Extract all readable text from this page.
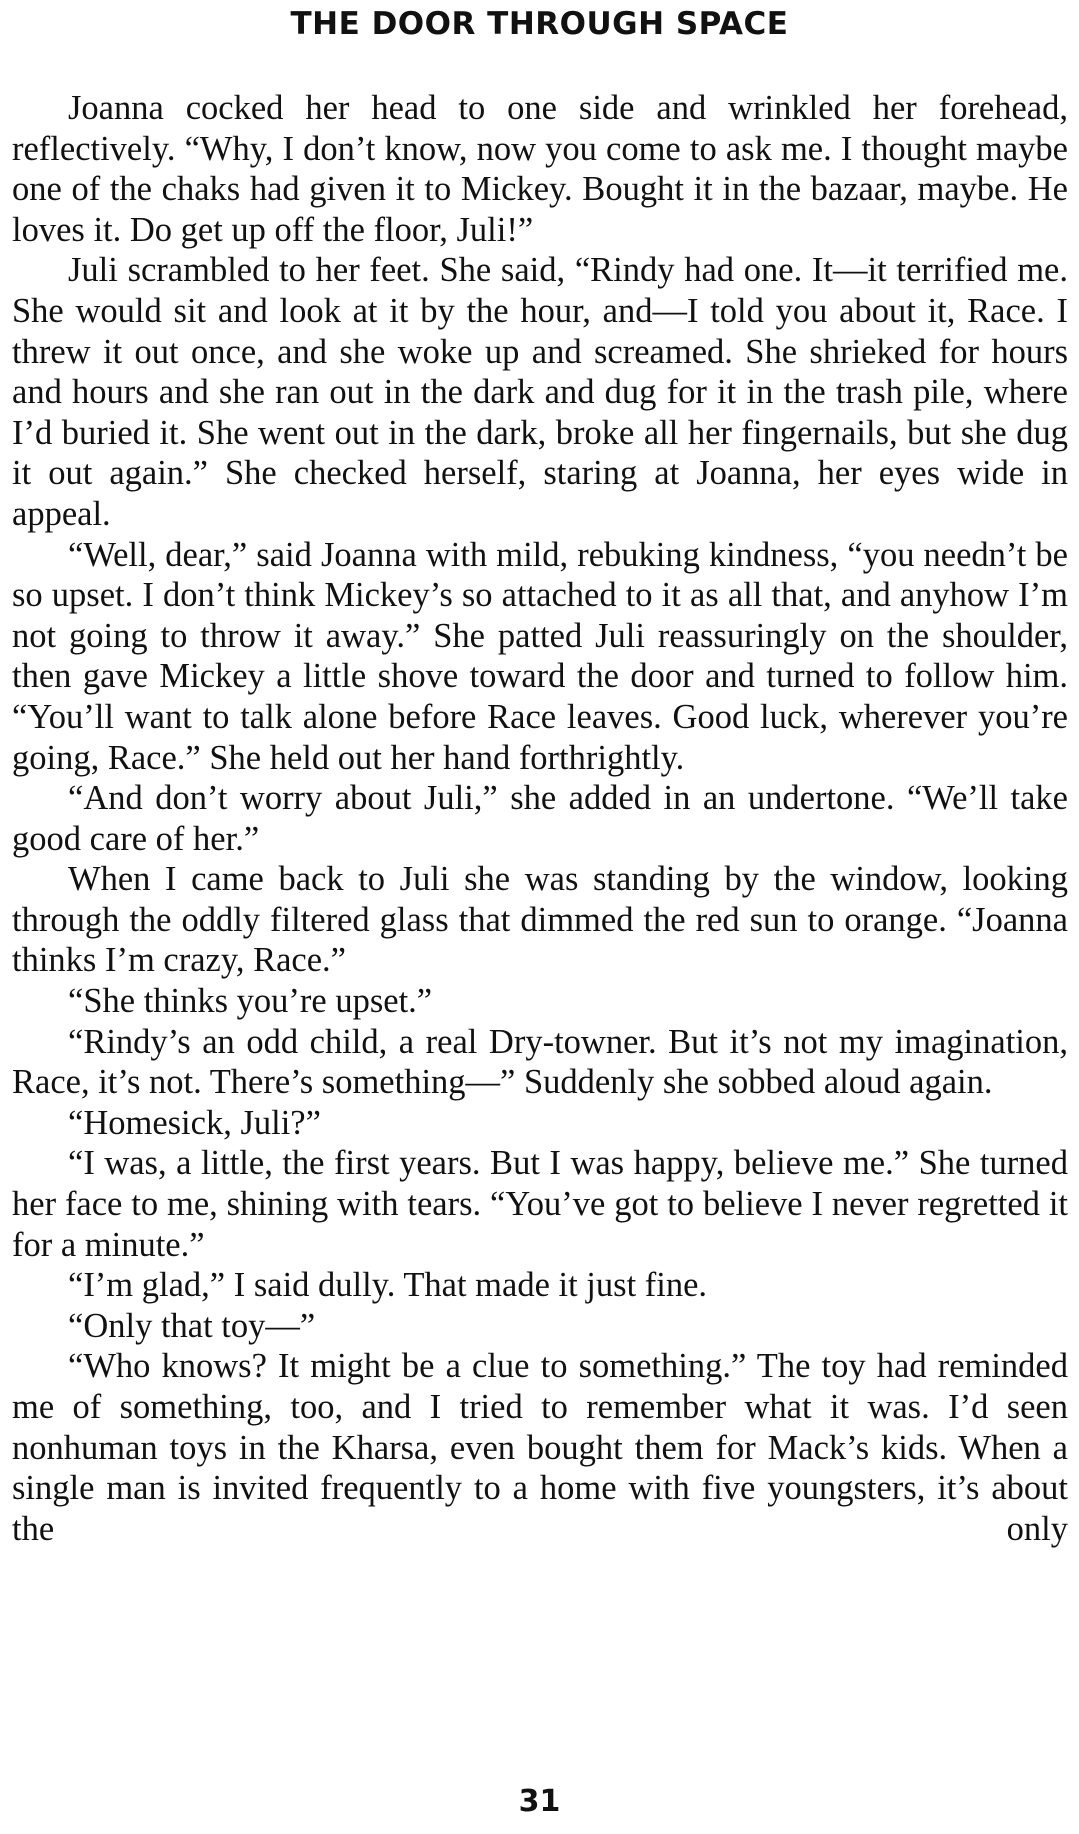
THE DOOR THROUGH SPACE

Joanna cocked her head to one side and wrinkled her forehead, reflectively. “Why, I don’t know, now you come to ask me. I thought maybe one of the chaks had given it to Mickey. Bought it in the bazaar, maybe. He loves it. Do get up off the floor, Juli!”

Juli scrambled to her feet. She said, “Rindy had one. It—it terrified me. She would sit and look at it by the hour, and—I told you about it, Race. I threw it out once, and she woke up and screamed. She shrieked for hours and hours and she ran out in the dark and dug for it in the trash pile, where I’d buried it. She went out in the dark, broke all her fingernails, but she dug it out again.” She checked herself, staring at Joanna, her eyes wide in appeal.

“Well, dear,” said Joanna with mild, rebuking kindness, “you needn’t be so upset. I don’t think Mickey’s so attached to it as all that, and anyhow I’m not going to throw it away.” She patted Juli reassuringly on the shoulder, then gave Mickey a little shove toward the door and turned to follow him. “You’ll want to talk alone before Race leaves. Good luck, wherever you’re going, Race.” She held out her hand forthrightly.

“And don’t worry about Juli,” she added in an undertone. “We’ll take good care of her.”

When I came back to Juli she was standing by the window, looking through the oddly filtered glass that dimmed the red sun to orange. “Joanna thinks I’m crazy, Race.”

“She thinks you’re upset.”

“Rindy’s an odd child, a real Dry-towner. But it’s not my imagination, Race, it’s not. There’s something—” Suddenly she sobbed aloud again.

“Homesick, Juli?”

“I was, a little, the first years. But I was happy, believe me.” She turned her face to me, shining with tears. “You’ve got to believe I never regretted it for a minute.”

“I’m glad,” I said dully. That made it just fine.

“Only that toy—”

“Who knows? It might be a clue to something.” The toy had reminded me of something, too, and I tried to remember what it was. I’d seen nonhuman toys in the Kharsa, even bought them for Mack’s kids. When a single man is invited frequently to a home with five youngsters, it’s about the only

31
